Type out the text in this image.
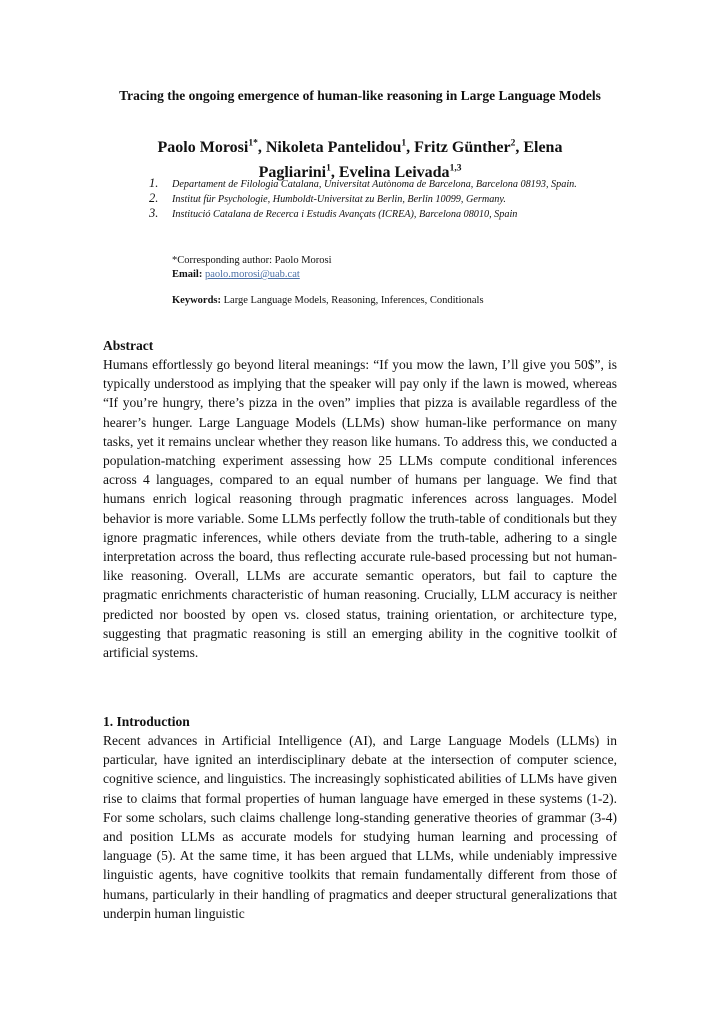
Tracing the ongoing emergence of human-like reasoning in Large Language Models
Paolo Morosi$^{1*}$, Nikoleta Pantelidou$^1$, Fritz Günther$^2$, Elena Pagliarini$^1$, Evelina Leivada$^{1,3}$
1. Departament de Filologia Catalana, Universitat Autònoma de Barcelona, Barcelona 08193, Spain.
2. Institut für Psychologie, Humboldt-Universitat zu Berlin, Berlin 10099, Germany.
3. Institució Catalana de Recerca i Estudis Avançats (ICREA), Barcelona 08010, Spain
*Corresponding author: Paolo Morosi
Email: paolo.morosi@uab.cat
Keywords: Large Language Models, Reasoning, Inferences, Conditionals
Abstract

Humans effortlessly go beyond literal meanings: “If you mow the lawn, I’ll give you 50$”, is typically understood as implying that the speaker will pay only if the lawn is mowed, whereas “If you’re hungry, there’s pizza in the oven” implies that pizza is available regardless of the hearer’s hunger. Large Language Models (LLMs) show human-like performance on many tasks, yet it remains unclear whether they reason like humans. To address this, we conducted a population-matching experiment assessing how 25 LLMs compute conditional inferences across 4 languages, compared to an equal number of humans per language. We find that humans enrich logical reasoning through pragmatic inferences across languages. Model behavior is more variable. Some LLMs perfectly follow the truth-table of conditionals but they ignore pragmatic inferences, while others deviate from the truth-table, adhering to a single interpretation across the board, thus reflecting accurate rule-based processing but not human-like reasoning. Overall, LLMs are accurate semantic operators, but fail to capture the pragmatic enrichments characteristic of human reasoning. Crucially, LLM accuracy is neither predicted nor boosted by open vs. closed status, training orientation, or architecture type, suggesting that pragmatic reasoning is still an emerging ability in the cognitive toolkit of artificial systems.

1. Introduction

Recent advances in Artificial Intelligence (AI), and Large Language Models (LLMs) in particular, have ignited an interdisciplinary debate at the intersection of computer science, cognitive science, and linguistics. The increasingly sophisticated abilities of LLMs have given rise to claims that formal properties of human language have emerged in these systems (1-2). For some scholars, such claims challenge long-standing generative theories of grammar (3-4) and position LLMs as accurate models for studying human learning and processing of language (5). At the same time, it has been argued that LLMs, while undeniably impressive linguistic agents, have cognitive toolkits that remain fundamentally different from those of humans, particularly in their handling of pragmatics and deeper structural generalizations that underpin human linguistic
